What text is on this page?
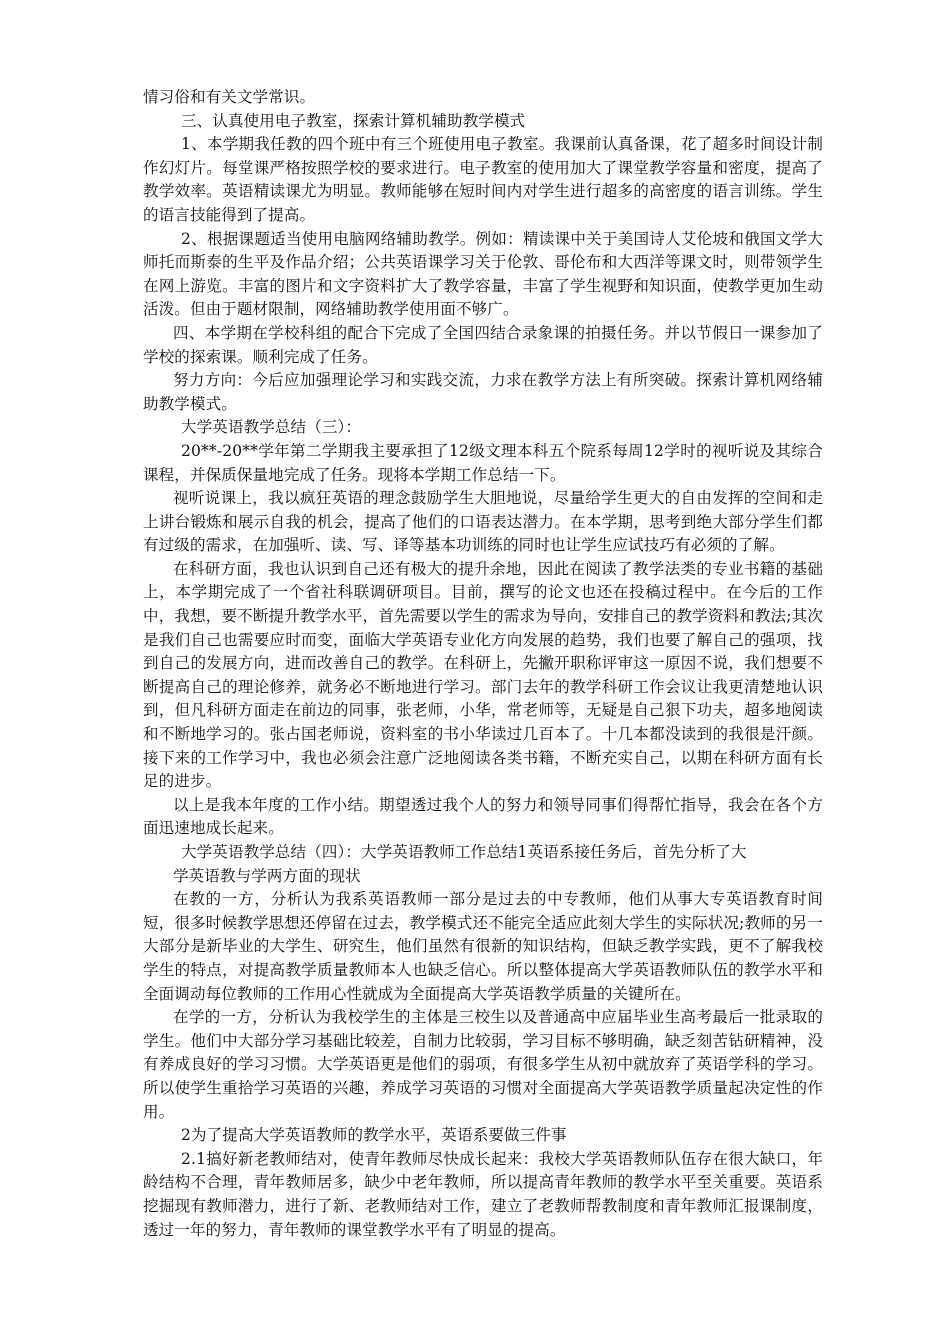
情习俗和有关文学常识。

三、认真使用电子教室，探索计算机辅助教学模式

1、本学期我任教的四个班中有三个班使用电子教室。我课前认真备课，花了超多时间设计制作幻灯片。每堂课严格按照学校的要求进行。电子教室的使用加大了课堂教学容量和密度，提高了教学效率。英语精读课尤为明显。教师能够在短时间内对学生进行超多的高密度的语言训练。学生的语言技能得到了提高。

2、根据课题适当使用电脑网络辅助教学。例如：精读课中关于美国诗人艾伦坡和俄国文学大师托而斯泰的生平及作品介绍；公共英语课学习关于伦敦、哥伦布和大西洋等课文时，则带领学生在网上游览。丰富的图片和文字资料扩大了教学容量，丰富了学生视野和知识面，使教学更加生动活泼。但由于题材限制，网络辅助教学使用面不够广。

四、本学期在学校科组的配合下完成了全国四结合录象课的拍摄任务。并以节假日一课参加了学校的探索课。顺利完成了任务。

努力方向：今后应加强理论学习和实践交流，力求在教学方法上有所突破。探索计算机网络辅助教学模式。

大学英语教学总结（三）：

20**-20**学年第二学期我主要承担了12级文理本科五个院系每周12学时的视听说及其综合课程，并保质保量地完成了任务。现将本学期工作总结一下。

视听说课上，我以疯狂英语的理念鼓励学生大胆地说，尽量给学生更大的自由发挥的空间和走上讲台锻炼和展示自我的机会，提高了他们的口语表达潜力。在本学期，思考到绝大部分学生们都有过级的需求，在加强听、读、写、译等基本功训练的同时也让学生应试技巧有必须的了解。

在科研方面，我也认识到自己还有极大的提升余地，因此在阅读了教学法类的专业书籍的基础上，本学期完成了一个省社科联调研项目。目前，撰写的论文也还在投稿过程中。在今后的工作中，我想，要不断提升教学水平，首先需要以学生的需求为导向，安排自己的教学资料和教法;其次是我们自己也需要应时而变，面临大学英语专业化方向发展的趋势，我们也要了解自己的强项，找到自己的发展方向，进而改善自己的教学。在科研上，先撇开职称评审这一原因不说，我们想要不断提高自己的理论修养，就务必不断地进行学习。部门去年的教学科研工作会议让我更清楚地认识到，但凡科研方面走在前边的同事，张老师，小华，常老师等，无疑是自己狠下功夫，超多地阅读和不断地学习的。张占国老师说，资料室的书小华读过几百本了。十几本都没读到的我很是汗颜。接下来的工作学习中，我也必须会注意广泛地阅读各类书籍，不断充实自己，以期在科研方面有长足的进步。

以上是我本年度的工作小结。期望透过我个人的努力和领导同事们得帮忙指导，我会在各个方面迅速地成长起来。

大学英语教学总结（四）：大学英语教师工作总结1英语系接任务后，首先分析了大

学英语教与学两方面的现状

在教的一方，分析认为我系英语教师一部分是过去的中专教师，他们从事大专英语教育时间短，很多时候教学思想还停留在过去，教学模式还不能完全适应此刻大学生的实际状况;教师的另一大部分是新毕业的大学生、研究生，他们虽然有很新的知识结构，但缺乏教学实践，更不了解我校学生的特点，对提高教学质量教师本人也缺乏信心。所以整体提高大学英语教师队伍的教学水平和全面调动每位教师的工作用心性就成为全面提高大学英语教学质量的关键所在。

在学的一方，分析认为我校学生的主体是三校生以及普通高中应届毕业生高考最后一批录取的学生。他们中大部分学习基础比较差，自制力比较弱，学习目标不够明确，缺乏刻苦钻研精神，没有养成良好的学习习惯。大学英语更是他们的弱项，有很多学生从初中就放弃了英语学科的学习。所以使学生重拾学习英语的兴趣，养成学习英语的习惯对全面提高大学英语教学质量起决定性的作用。

2为了提高大学英语教师的教学水平，英语系要做三件事

2.1搞好新老教师结对，使青年教师尽快成长起来：我校大学英语教师队伍存在很大缺口，年龄结构不合理，青年教师居多，缺少中老年教师，所以提高青年教师的教学水平至关重要。英语系挖掘现有教师潜力，进行了新、老教师结对工作，建立了老教师帮教制度和青年教师汇报课制度，透过一年的努力，青年教师的课堂教学水平有了明显的提高。
